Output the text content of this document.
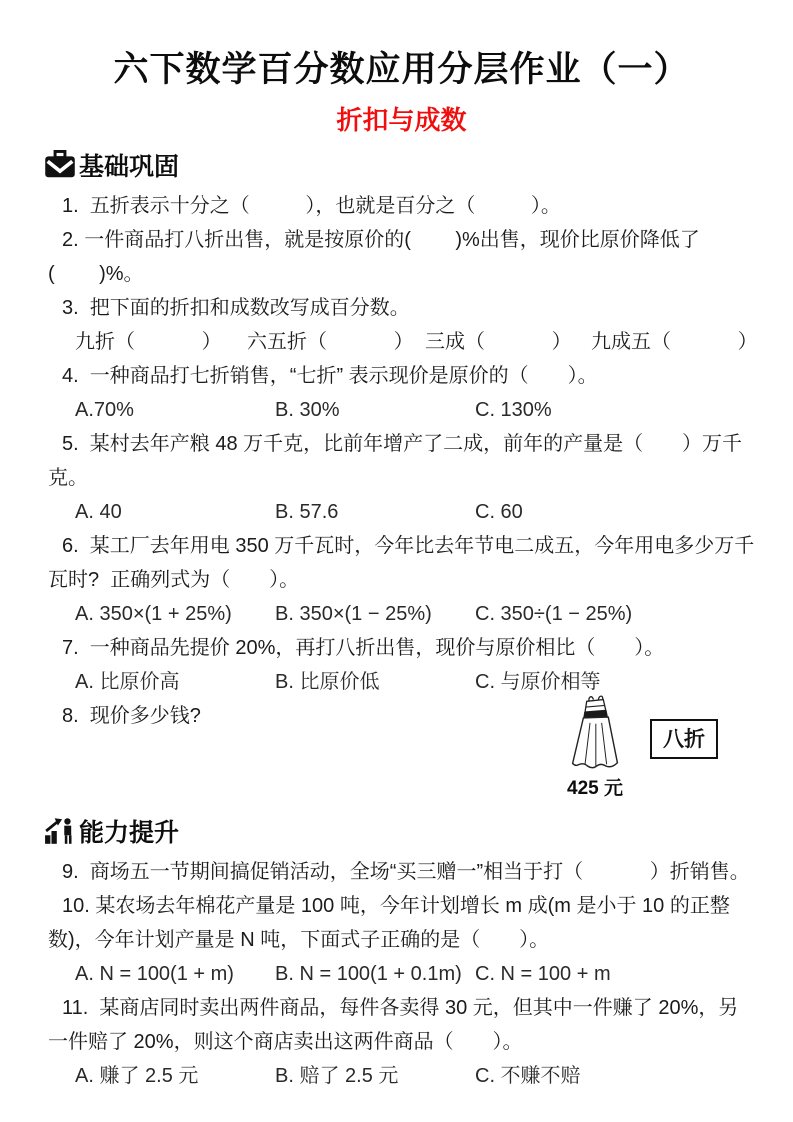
六下数学百分数应用分层作业（一）
折扣与成数
基础巩固
1.  五折表示十分之（          ），也就是百分之（          ）。
2. 一件商品打八折出售，就是按原价的(        )%出售，现价比原价降低了(        )%。
3.  把下面的折扣和成数改写成百分数。
九折（            ）	六五折（            ） 三成（            ） 九成五（            ）
4.  一种商品打七折销售，“七折” 表示现价是原价的（       ）。
A.70%	B. 30%	C. 130%
5.  某村去年产粮 48 万千克，比前年增产了二成，前年的产量是（       ）万千克。
A. 40	B. 57.6	C. 60
6.  某工厂去年用电 350 万千瓦时，今年比去年节电二成五，今年用电多少万千瓦时?  正确列式为（       ）。
A. 350×(1 + 25%)	B. 350×(1 − 25%)	C. 350÷(1 − 25%)
7.  一种商品先提价 20%，再打八折出售，现价与原价相比（       ）。
A. 比原价高	B. 比原价低	C. 与原价相等
8.  现价多少钱?
425 元
八折
能力提升
9.  商场五一节期间搞促销活动，全场“买三赠一”相当于打（            ）折销售。
10. 某农场去年棉花产量是 100 吨，今年计划增长 m 成(m 是小于 10 的正整数)，今年计划产量是 N 吨，下面式子正确的是（       ）。
A. N = 100(1 + m)	B. N = 100(1 + 0.1m) C. N = 100 + m
11.  某商店同时卖出两件商品，每件各卖得 30 元，但其中一件赚了 20%，另一件赔了 20%，则这个商店卖出这两件商品（       ）。
A. 赚了 2.5 元	B. 赔了 2.5 元	C. 不赚不赔
